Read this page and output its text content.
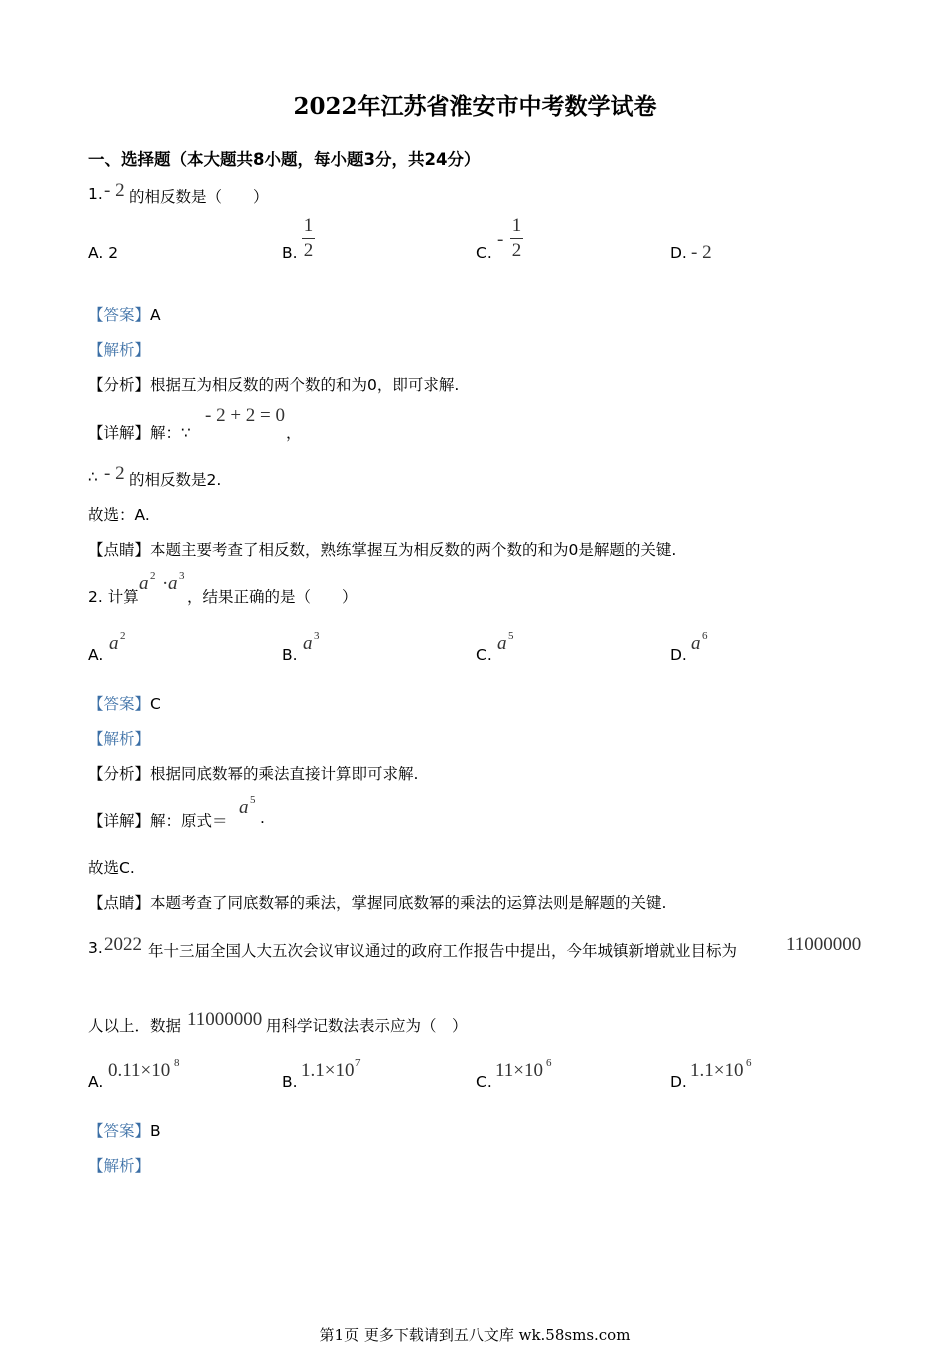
2022年江苏省淮安市中考数学试卷
一、选择题（本大题共8小题，每小题3分，共24分）
1. - 2 的相反数是（　　）
A. 2	B.
1
2	C.
-
1
2	D. - 2
【答案】A
【解析】
【分析】根据互为相反数的两个数的和为0，即可求解.
【详解】解：∵
- 2 + 2 = 0
，
∴ - 2 的相反数是2.
故选：A.
【点睛】本题主要考查了相反数，熟练掌握互为相反数的两个数的和为0是解题的关键.
2. 计算
a 2 · a 3
，结果正确的是（　　）
A.
a 2
B.
a 3
C.
a 5
D.
a 6
【答案】C
【解析】
【分析】根据同底数幂的乘法直接计算即可求解.
【详解】解：原式＝
a 5
.
故选C.
【点睛】本题考查了同底数幂的乘法，掌握同底数幂的乘法的运算法则是解题的关键.
3. 2022 年十三届全国人大五次会议审议通过的政府工作报告中提出，今年城镇新增就业目标为	11000000
人以上．数据 11000000 用科学记数法表示应为（　）
A.
0.11×10 8
B.
1.1×10 7
C.
11×10 6
D.
1.1×10 6
【答案】B
【解析】
第1页 更多下载请到五八文库 wk.58sms.com
